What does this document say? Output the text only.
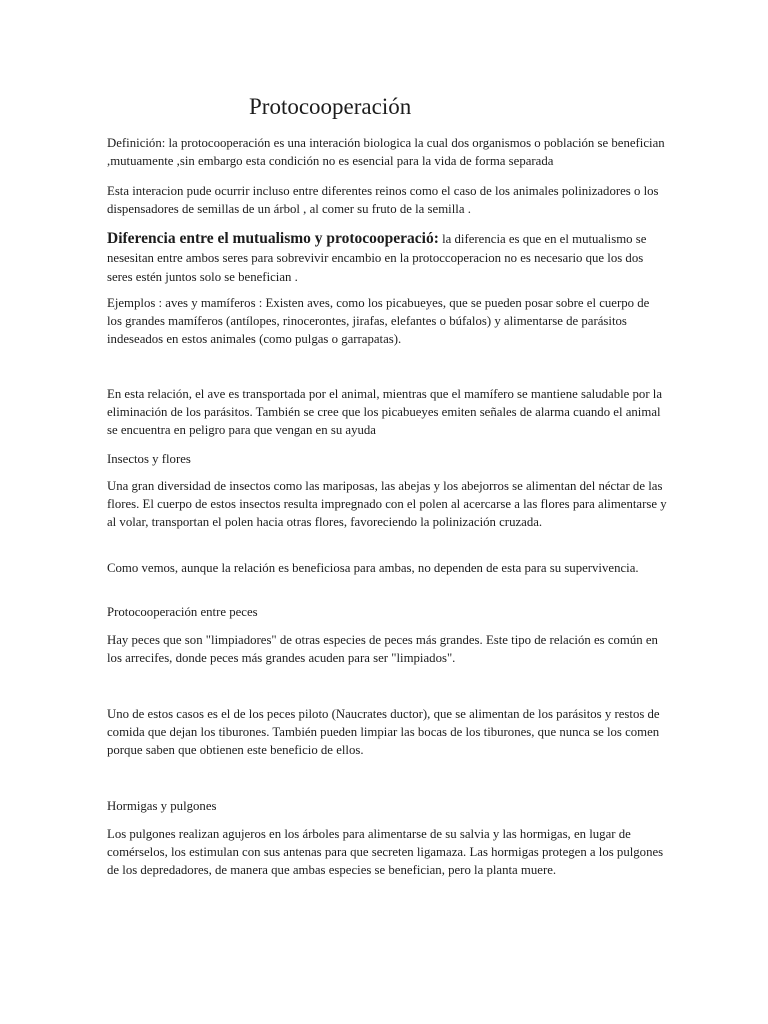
Protocooperación

Definición: la protocooperación es una interación biologica la cual dos organismos o población se benefician ,mutuamente ,sin embargo esta condición no es esencial para la vida de forma separada

Esta interacion pude ocurrir incluso entre diferentes reinos como el caso de los animales polinizadores o los dispensadores de semillas de un árbol , al comer su fruto de la semilla .

Diferencia entre el mutualismo y protocooperació: la diferencia es que en el mutualismo se nesesitan entre ambos seres para sobrevivir encambio en la protoccoperacion no es necesario que los dos seres estén juntos solo se benefician .

Ejemplos : aves y mamíferos : Existen aves, como los picabueyes, que se pueden posar sobre el cuerpo de los grandes mamíferos (antílopes, rinocerontes, jirafas, elefantes o búfalos) y alimentarse de parásitos indeseados en estos animales (como pulgas o garrapatas).

En esta relación, el ave es transportada por el animal, mientras que el mamífero se mantiene saludable por la eliminación de los parásitos. También se cree que los picabueyes emiten señales de alarma cuando el animal se encuentra en peligro para que vengan en su ayuda

Insectos y flores

Una gran diversidad de insectos como las mariposas, las abejas y los abejorros se alimentan del néctar de las flores. El cuerpo de estos insectos resulta impregnado con el polen al acercarse a las flores para alimentarse y al volar, transportan el polen hacia otras flores, favoreciendo la polinización cruzada.

Como vemos, aunque la relación es beneficiosa para ambas, no dependen de esta para su supervivencia.

Protocooperación entre peces

Hay peces que son "limpiadores" de otras especies de peces más grandes. Este tipo de relación es común en los arrecifes, donde peces más grandes acuden para ser "limpiados".

Uno de estos casos es el de los peces piloto (Naucrates ductor), que se alimentan de los parásitos y restos de comida que dejan los tiburones. También pueden limpiar las bocas de los tiburones, que nunca se los comen porque saben que obtienen este beneficio de ellos.

Hormigas y pulgones

Los pulgones realizan agujeros en los árboles para alimentarse de su salvia y las hormigas, en lugar de comérselos, los estimulan con sus antenas para que secreten ligamaza. Las hormigas protegen a los pulgones de los depredadores, de manera que ambas especies se benefician, pero la planta muere.
